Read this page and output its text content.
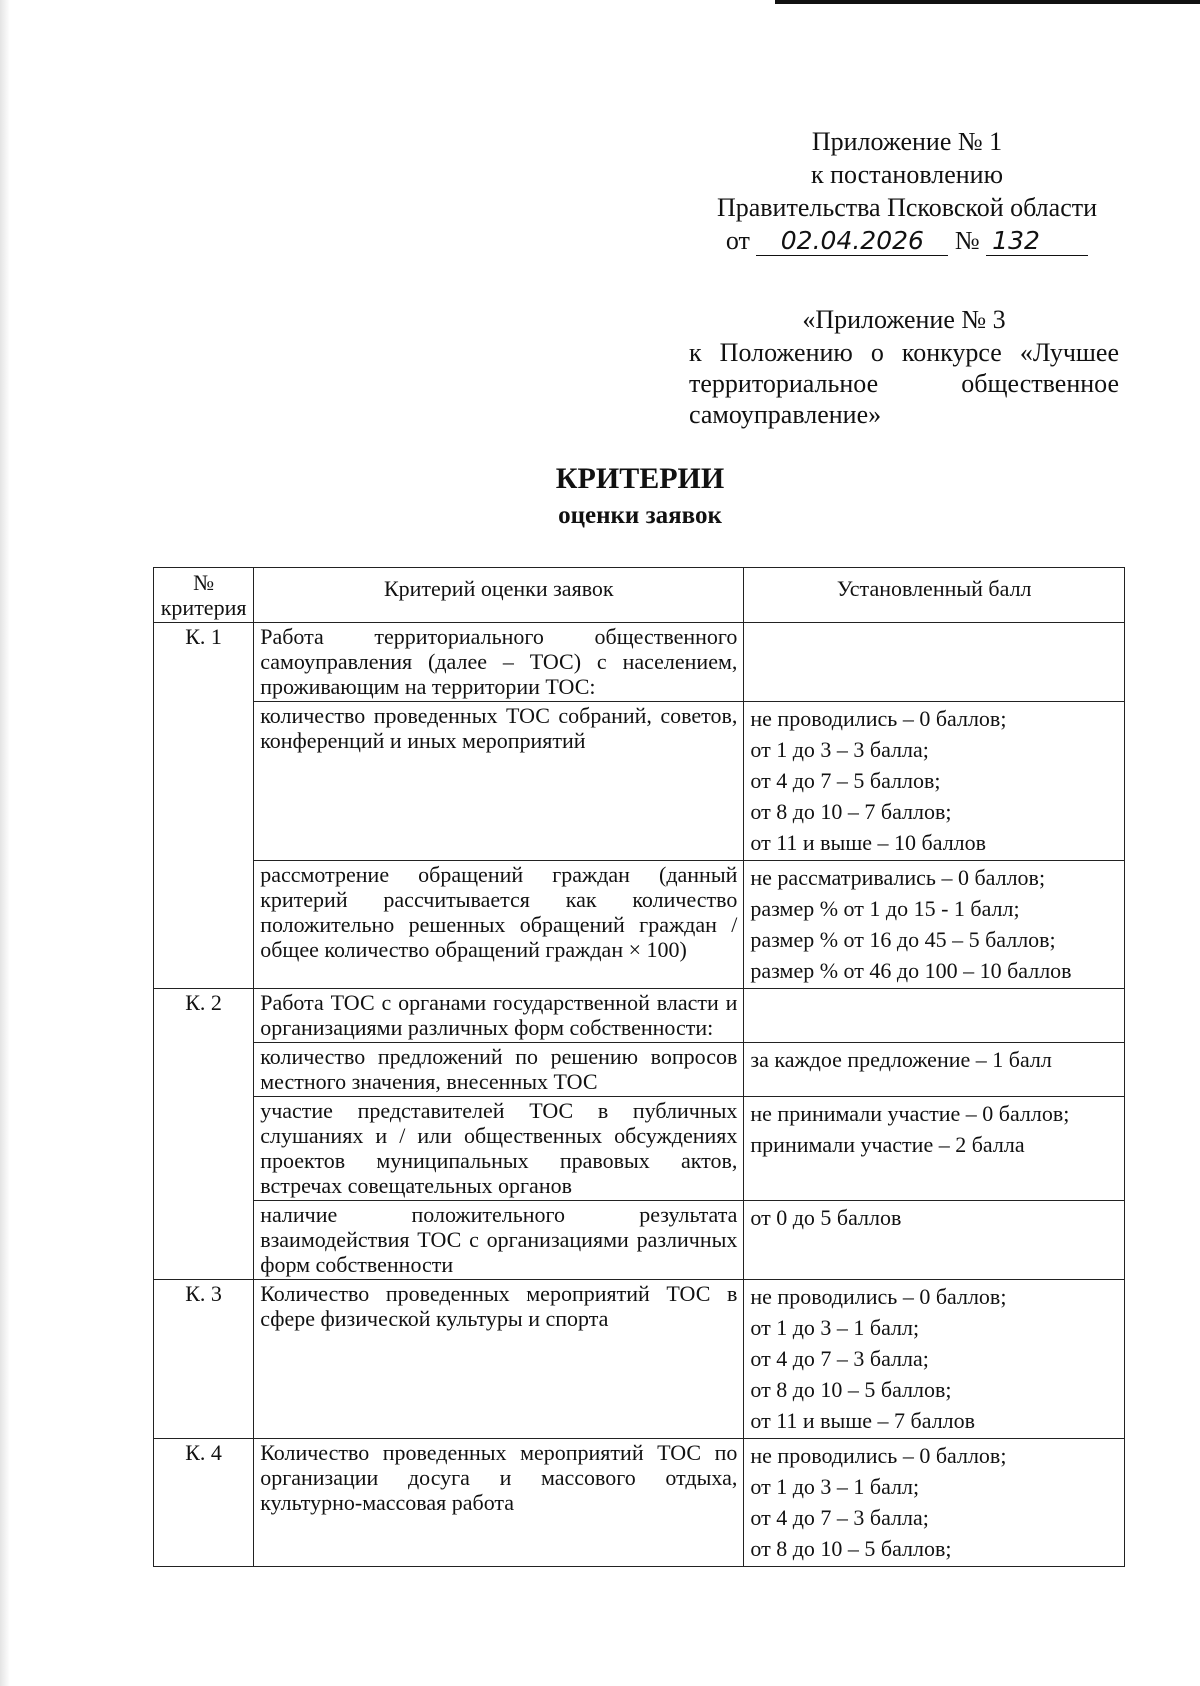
Приложение № 1
к постановлению
Правительства Псковской области
от 02.04.2026 № 132
«Приложение № 3
к Положению о конкурсе «Лучшее
территориальное общественное
самоуправление»
КРИТЕРИИ
оценки заявок
№ критерия	Критерий оценки заявок	Установленный балл
К. 1	Работа территориального общественного самоуправления (далее – ТОС) с населением, проживающим на территории ТОС:	
	количество проведенных ТОС собраний, советов, конференций и иных мероприятий	не проводились – 0 баллов;
от 1 до 3 – 3 балла;
от 4 до 7 – 5 баллов;
от 8 до 10 – 7 баллов;
от 11 и выше – 10 баллов

	рассмотрение обращений граждан (данный критерий рассчитывается как количество положительно решенных обращений граждан / общее количество обращений граждан × 100)	не рассматривались – 0 баллов;
размер % от 1 до 15 - 1 балл;
размер % от 16 до 45 – 5 баллов;
размер % от 46 до 100 – 10 баллов

К. 2	Работа ТОС с органами государственной власти и организациями различных форм собственности:	
	количество предложений по решению вопросов местного значения, внесенных ТОС	за каждое предложение – 1 балл

	участие представителей ТОС в публичных слушаниях и / или общественных обсуждениях проектов муниципальных правовых актов, встречах совещательных органов	не принимали участие – 0 баллов;
принимали участие – 2 балла

	наличие положительного результата взаимодействия ТОС с организациями различных форм собственности	от 0 до 5 баллов

К. 3	Количество проведенных мероприятий ТОС в сфере физической культуры и спорта	не проводились – 0 баллов;
от 1 до 3 – 1 балл;
от 4 до 7 – 3 балла;
от 8 до 10 – 5 баллов;
от 11 и выше – 7 баллов

К. 4	Количество проведенных мероприятий ТОС по организации досуга и массового отдыха, культурно-массовая работа	не проводились – 0 баллов;
от 1 до 3 – 1 балл;
от 4 до 7 – 3 балла;
от 8 до 10 – 5 баллов;
